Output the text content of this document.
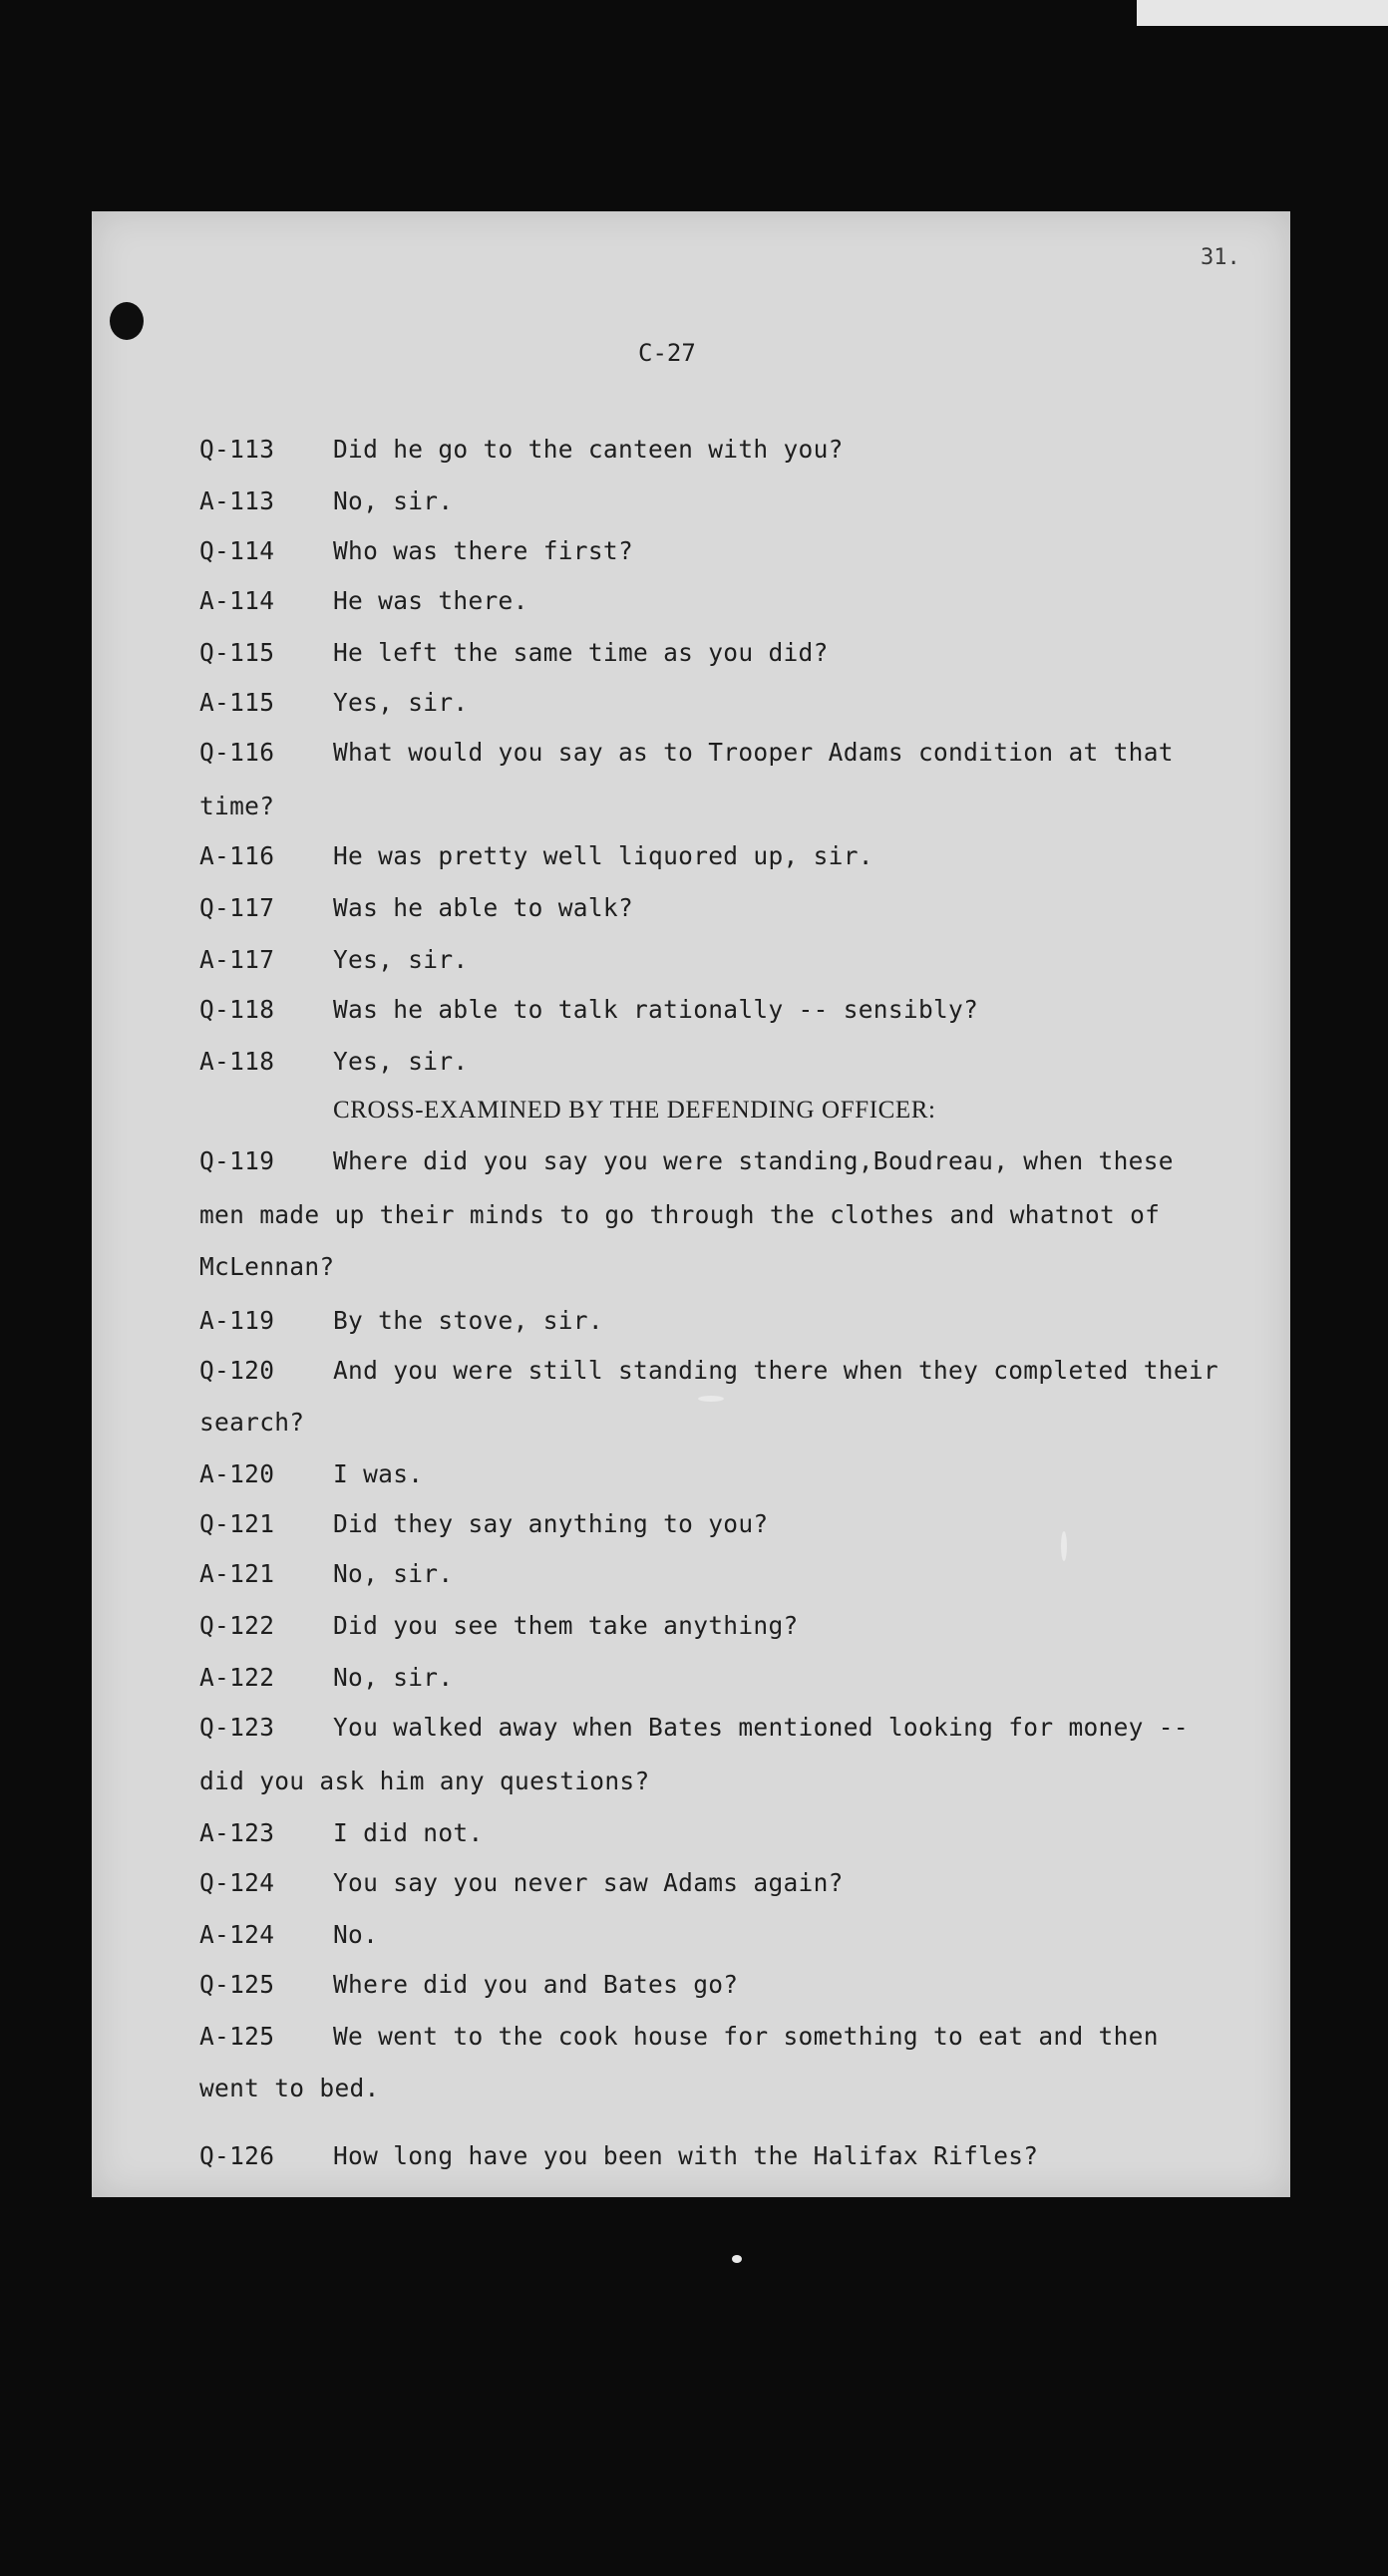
31.
C-27
Q-113 Did he go to the canteen with you?
A-113 No, sir.
Q-114 Who was there first?
A-114 He was there.
Q-115 He left the same time as you did?
A-115 Yes, sir.
Q-116 What would you say as to Trooper Adams condition at that
time?
A-116 He was pretty well liquored up, sir.
Q-117 Was he able to walk?
A-117 Yes, sir.
Q-118 Was he able to talk rationally -- sensibly?
A-118 Yes, sir.
CROSS-EXAMINED BY THE DEFENDING OFFICER:
Q-119 Where did you say you were standing,Boudreau, when these
men made up their minds to go through the clothes and whatnot of
McLennan?
A-119 By the stove, sir.
Q-120 And you were still standing there when they completed their
search?
A-120 I was.
Q-121 Did they say anything to you?
A-121 No, sir.
Q-122 Did you see them take anything?
A-122 No, sir.
Q-123 You walked away when Bates mentioned looking for money --
did you ask him any questions?
A-123 I did not.
Q-124 You say you never saw Adams again?
A-124 No.
Q-125 Where did you and Bates go?
A-125 We went to the cook house for something to eat and then
went to bed.
Q-126 How long have you been with the Halifax Rifles?
